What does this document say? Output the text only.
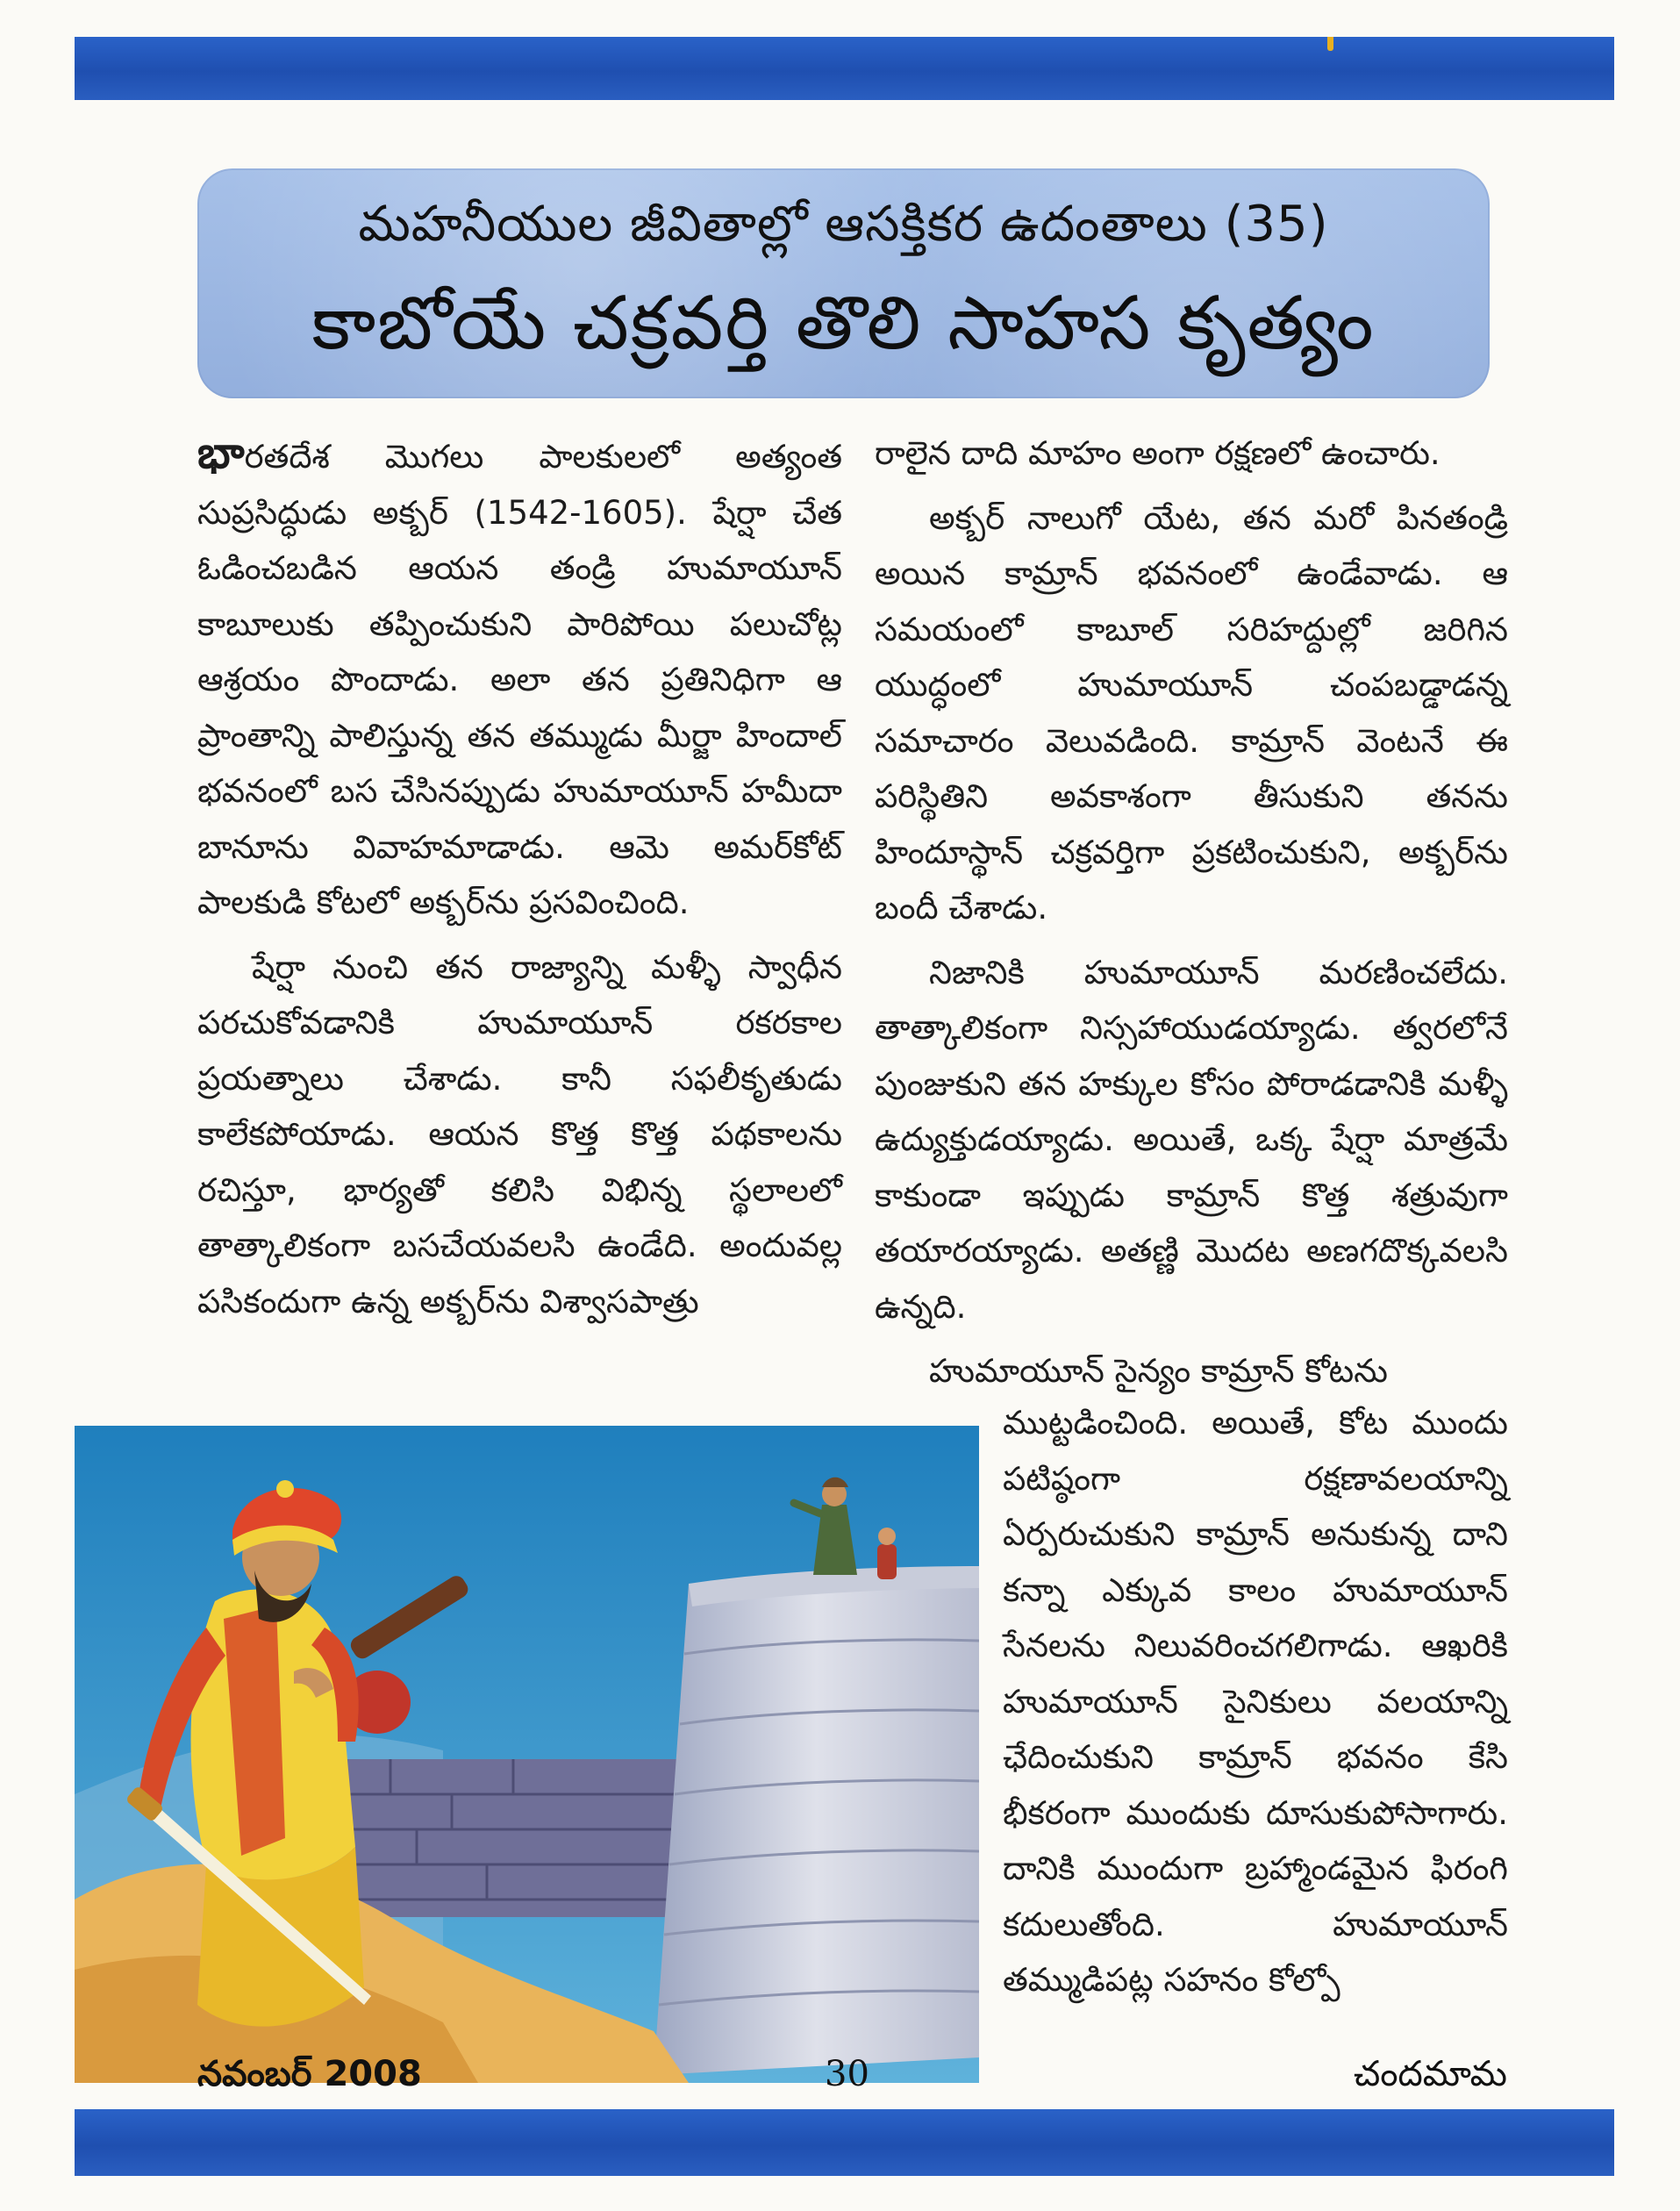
మహనీయుల జీవితాల్లో ఆసక్తికర ఉదంతాలు (35)
కాబోయే చక్రవర్తి తొలి సాహస కృత్యం

భారతదేశ మొగలు పాలకులలో అత్యంత సుప్రసిద్ధుడు అక్బర్ (1542-1605). షేర్షా చేత ఓడించబడిన ఆయన తండ్రి హుమాయూన్ కాబూలుకు తప్పించుకుని పారిపోయి పలుచోట్ల ఆశ్రయం పొందాడు. అలా తన ప్రతినిధిగా ఆ ప్రాంతాన్ని పాలిస్తున్న తన తమ్ముడు మీర్జా హిందాల్ భవనంలో బస చేసినప్పుడు హుమాయూన్ హమీదా బానూను వివాహమాడాడు. ఆమె అమర్‌కోట్ పాలకుడి కోటలో అక్బర్‌ను ప్రసవించింది.

షేర్షా నుంచి తన రాజ్యాన్ని మళ్ళీ స్వాధీన పరచుకోవడానికి హుమాయూన్ రకరకాల ప్రయత్నాలు చేశాడు. కానీ సఫలీకృతుడు కాలేకపోయాడు. ఆయన కొత్త కొత్త పథకాలను రచిస్తూ, భార్యతో కలిసి విభిన్న స్థలాలలో తాత్కాలికంగా బసచేయవలసి ఉండేది. అందువల్ల పసికందుగా ఉన్న అక్బర్‌ను విశ్వాసపాత్రు

రాలైన దాది మాహం అంగా రక్షణలో ఉంచారు.

అక్బర్ నాలుగో యేట, తన మరో పినతండ్రి అయిన కామ్రాన్ భవనంలో ఉండేవాడు. ఆ సమయంలో కాబూల్ సరిహద్దుల్లో జరిగిన యుద్ధంలో హుమాయూన్ చంపబడ్డాడన్న సమాచారం వెలువడింది. కామ్రాన్ వెంటనే ఈ పరిస్థితిని అవకాశంగా తీసుకుని తనను హిందూస్థాన్ చక్రవర్తిగా ప్రకటించుకుని, అక్బర్‌ను బందీ చేశాడు.

నిజానికి హుమాయూన్ మరణించలేదు. తాత్కాలికంగా నిస్సహాయుడయ్యాడు. త్వరలోనే పుంజుకుని తన హక్కుల కోసం పోరాడడానికి మళ్ళీ ఉద్యుక్తుడయ్యాడు. అయితే, ఒక్క షేర్షా మాత్రమే కాకుండా ఇప్పుడు కామ్రాన్ కొత్త శత్రువుగా తయారయ్యాడు. అతణ్ణి మొదట అణగదొక్కవలసి ఉన్నది.

హుమాయూన్ సైన్యం కామ్రాన్ కోటను

ముట్టడించింది. అయితే, కోట ముందు పటిష్ఠంగా రక్షణావలయాన్ని ఏర్పరుచుకుని కామ్రాన్ అనుకున్న దాని కన్నా ఎక్కువ కాలం హుమాయూన్ సేనలను నిలువరించగలిగాడు. ఆఖరికి హుమాయూన్ సైనికులు వలయాన్ని ఛేదించుకుని కామ్రాన్ భవనం కేసి భీకరంగా ముందుకు దూసుకుపోసాగారు. దానికి ముందుగా బ్రహ్మాండమైన ఫిరంగి కదులుతోంది. హుమాయూన్ తమ్ముడిపట్ల సహనం కోల్పో

నవంబర్ 2008	30	చందమామ
